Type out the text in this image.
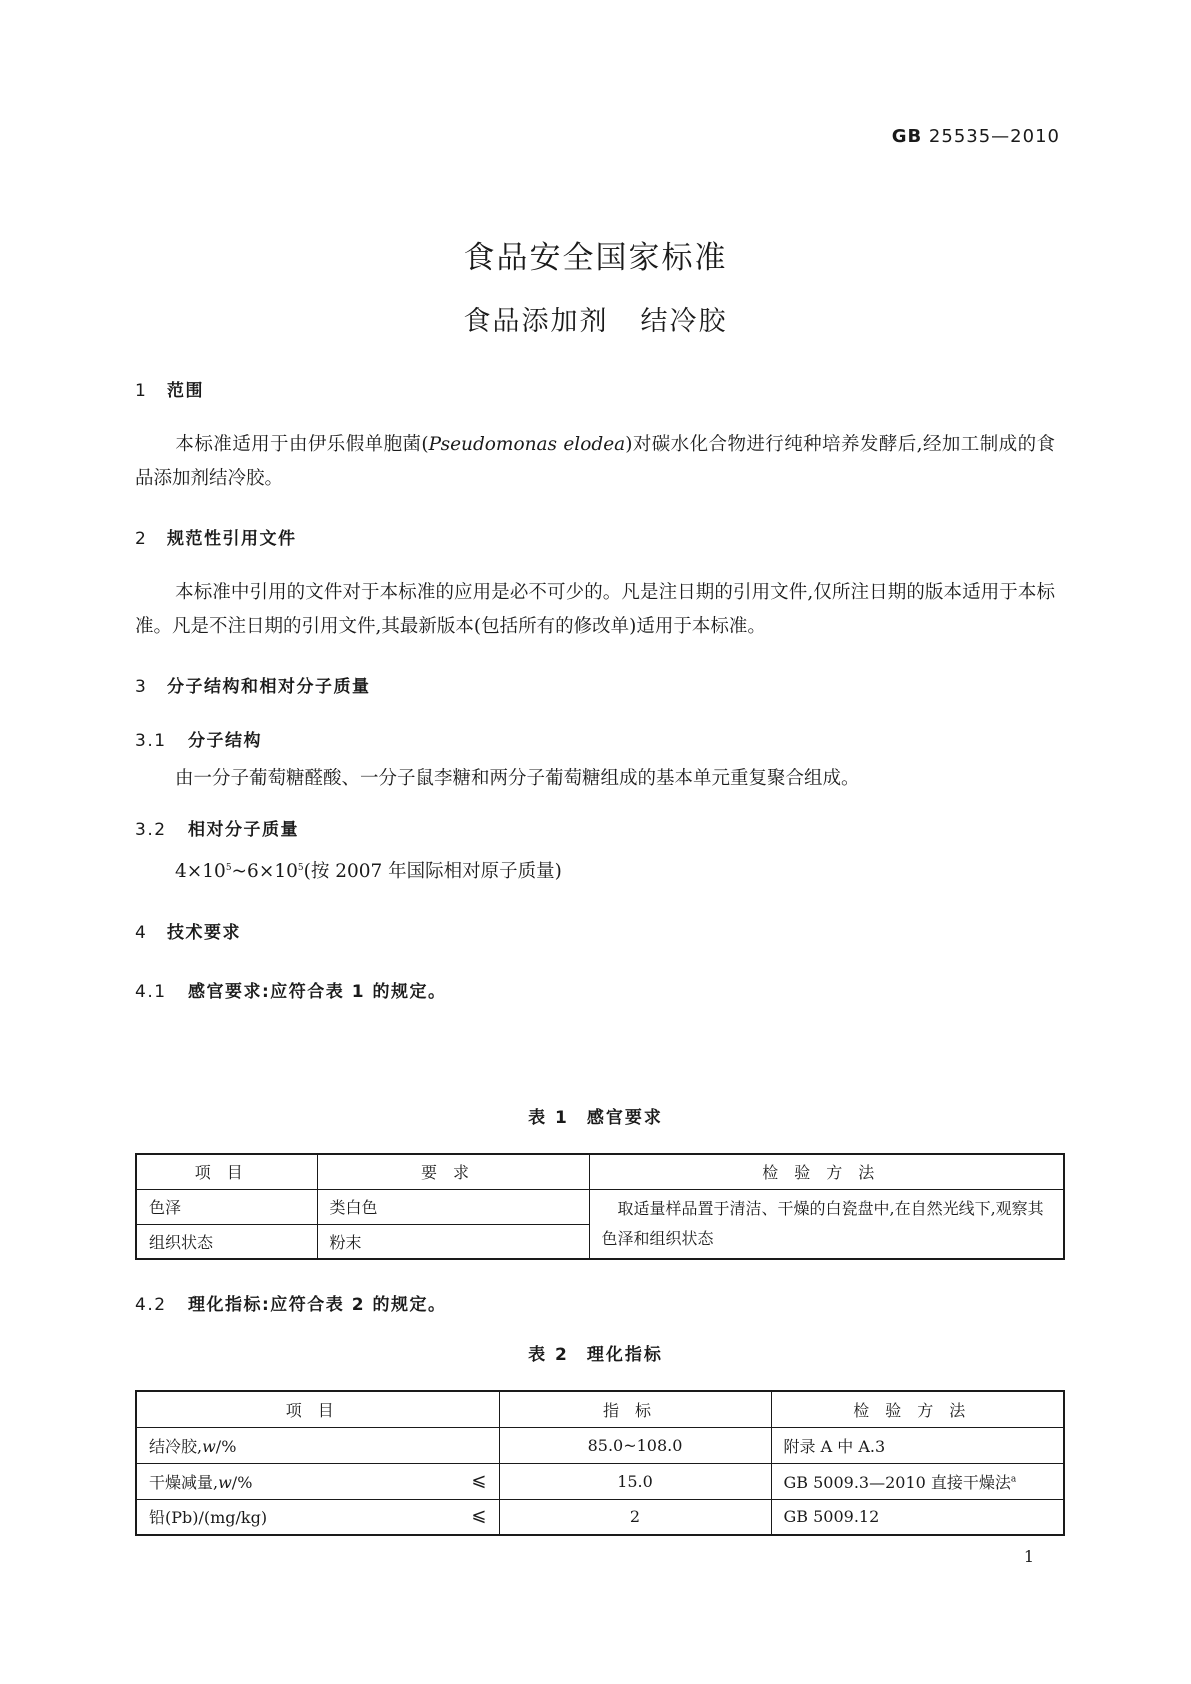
GB 25535—2010
食品安全国家标准
食品添加剂 结冷胶
1 范围
本标准适用于由伊乐假单胞菌(Pseudomonas elodea)对碳水化合物进行纯种培养发酵后,经加工制成的食品添加剂结冷胶。
2 规范性引用文件
本标准中引用的文件对于本标准的应用是必不可少的。凡是注日期的引用文件,仅所注日期的版本适用于本标准。凡是不注日期的引用文件,其最新版本(包括所有的修改单)适用于本标准。
3 分子结构和相对分子质量
3.1 分子结构
由一分子葡萄糖醛酸、一分子鼠李糖和两分子葡萄糖组成的基本单元重复聚合组成。
3.2 相对分子质量
$4\times 10^5\sim 6\times 10^5$(按 2007 年国际相对原子质量)
4 技术要求
4.1 感官要求:应符合表 1 的规定。
表 1 感官要求
项目	要求	检验方法
色泽	类白色	取适量样品置于清洁、干燥的白瓷盘中,在自然光线下,观察其色泽和组织状态
组织状态	粉末	
4.2 理化指标:应符合表 2 的规定。
表 2 理化指标
项目	指标	检验方法
结冷胶,w/%	85.0~108.0	附录 A 中 A.3
干燥减量,w/% ⩽	15.0	GB 5009.3—2010 直接干燥法$^a$
铅(Pb)/(mg/kg) ⩽	2	GB 5009.12
1
